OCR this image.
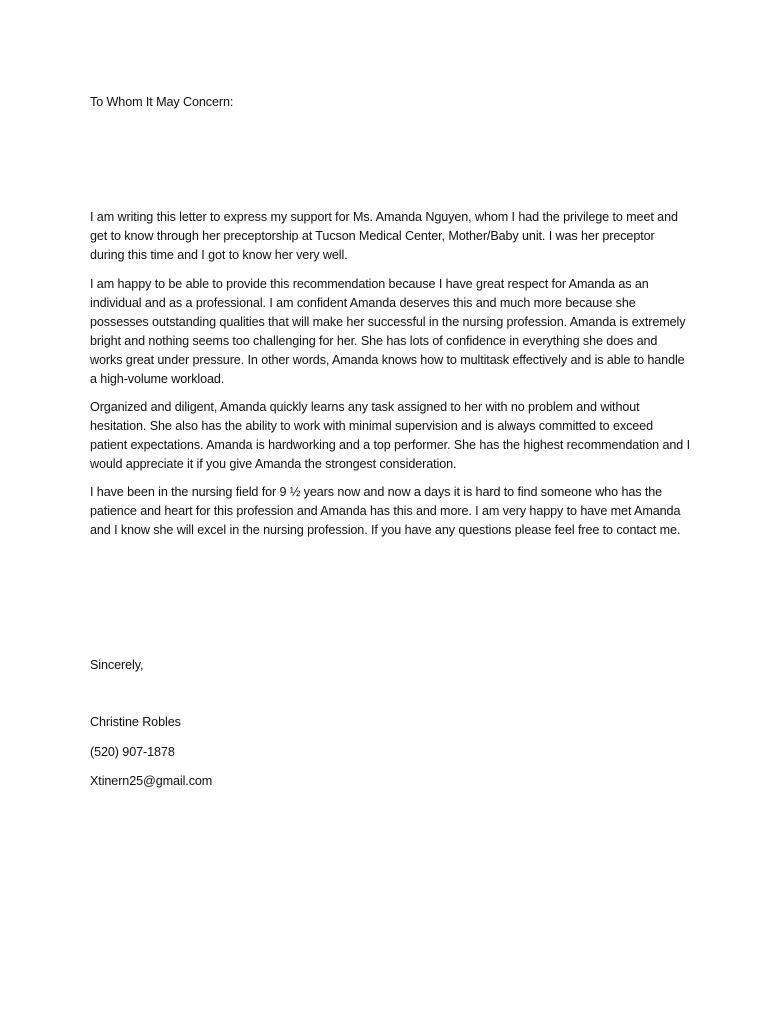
To Whom It May Concern:

I am writing this letter to express my support for Ms. Amanda Nguyen, whom I had the privilege to meet and get to know through her preceptorship at Tucson Medical Center, Mother/Baby unit. I was her preceptor during this time and I got to know her very well.

I am happy to be able to provide this recommendation because I have great respect for Amanda as an individual and as a professional. I am confident Amanda deserves this and much more because she possesses outstanding qualities that will make her successful in the nursing profession. Amanda is extremely bright and nothing seems too challenging for her. She has lots of confidence in everything she does and works great under pressure. In other words, Amanda knows how to multitask effectively and is able to handle a high-volume workload.

Organized and diligent, Amanda quickly learns any task assigned to her with no problem and without hesitation. She also has the ability to work with minimal supervision and is always committed to exceed patient expectations. Amanda is hardworking and a top performer. She has the highest recommendation and I would appreciate it if you give Amanda the strongest consideration.

I have been in the nursing field for 9 ½ years now and now a days it is hard to find someone who has the patience and heart for this profession and Amanda has this and more. I am very happy to have met Amanda and I know she will excel in the nursing profession. If you have any questions please feel free to contact me.

Sincerely,

Christine Robles

(520) 907-1878

Xtinern25@gmail.com
